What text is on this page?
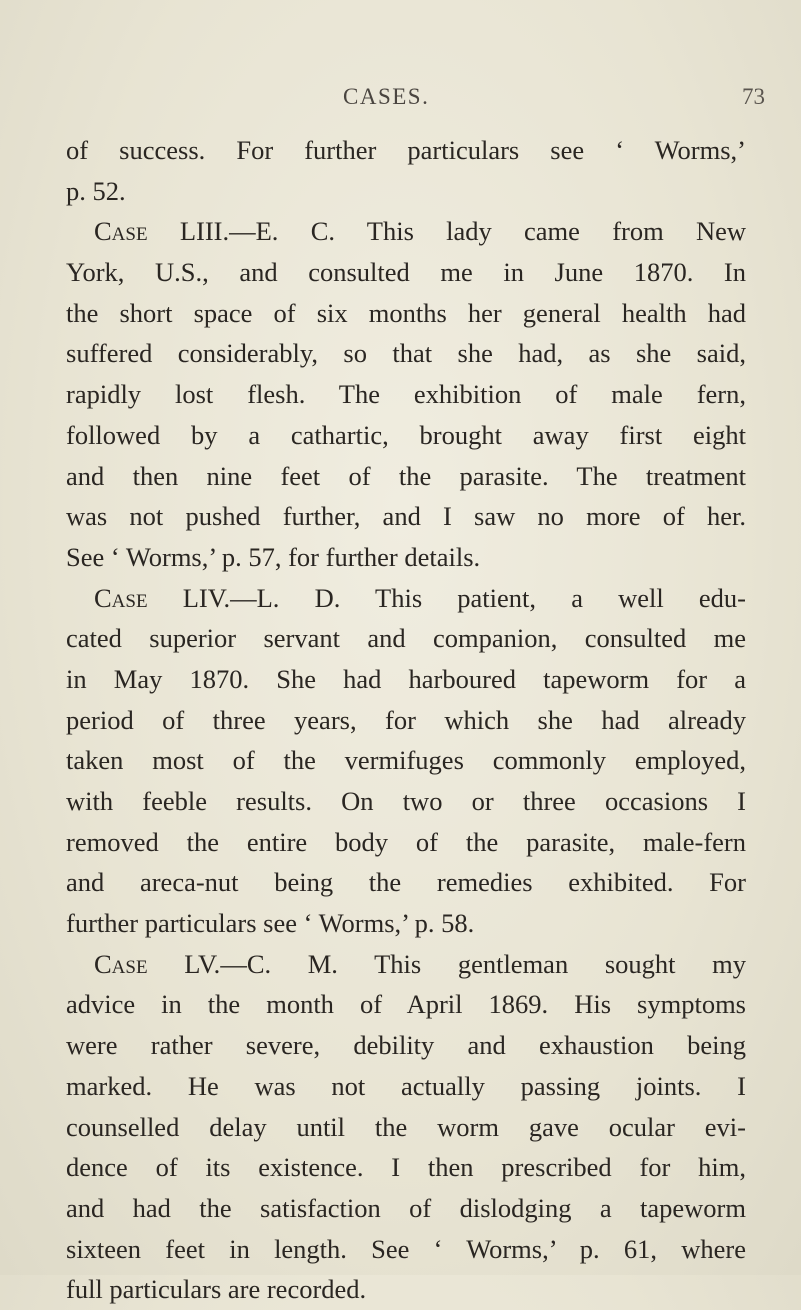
CASES.	73
of success. For further particulars see ‘ Worms,’
p. 52.
Case LIII.—E. C. This lady came from New
York, U.S., and consulted me in June 1870. In
the short space of six months her general health had
suffered considerably, so that she had, as she said,
rapidly lost flesh. The exhibition of male fern,
followed by a cathartic, brought away first eight
and then nine feet of the parasite. The treatment
was not pushed further, and I saw no more of her.
See ‘ Worms,’ p. 57, for further details.
Case LIV.—L. D. This patient, a well edu-
cated superior servant and companion, consulted me
in May 1870. She had harboured tapeworm for a
period of three years, for which she had already
taken most of the vermifuges commonly employed,
with feeble results. On two or three occasions I
removed the entire body of the parasite, male-fern
and areca-nut being the remedies exhibited. For
further particulars see ‘ Worms,’ p. 58.
Case LV.—C. M. This gentleman sought my
advice in the month of April 1869. His symptoms
were rather severe, debility and exhaustion being
marked. He was not actually passing joints. I
counselled delay until the worm gave ocular evi-
dence of its existence. I then prescribed for him,
and had the satisfaction of dislodging a tapeworm
sixteen feet in length. See ‘ Worms,’ p. 61, where
full particulars are recorded.
